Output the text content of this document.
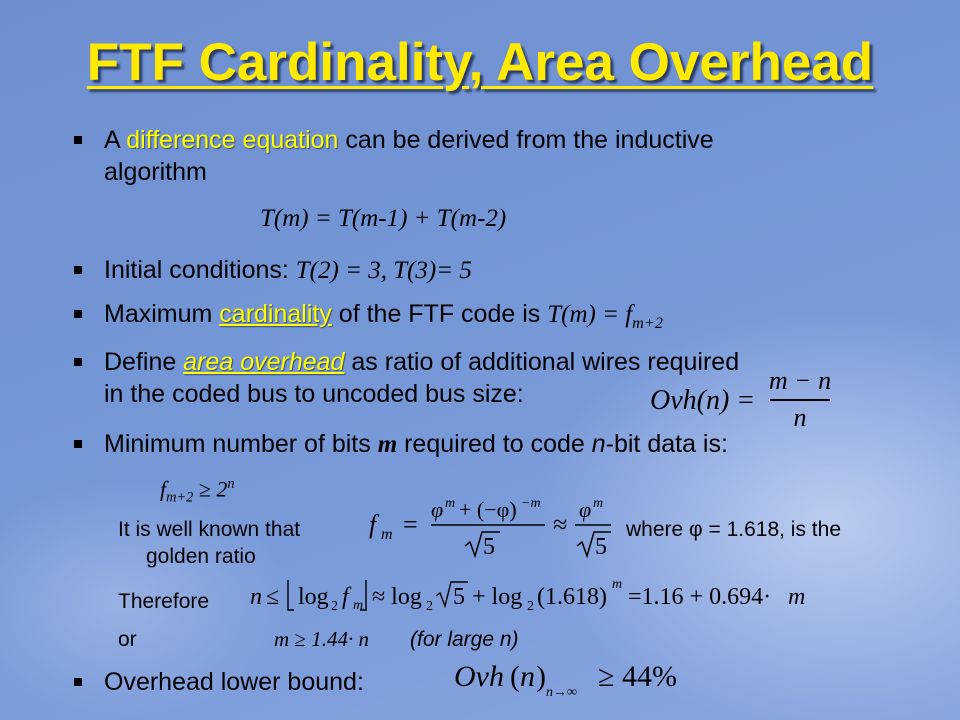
FTF Cardinality, Area Overhead
A difference equation can be derived from the inductive
algorithm
T(m) = T(m-1) + T(m-2)
Initial conditions: T(2) = 3, T(3)= 5
Maximum cardinality of the FTF code is $T(m) = f_{m+2}$
Define area overhead as ratio of additional wires required
in the coded bus to uncoded bus size:	Ovh(n) =
m − n
n
Minimum number of bits m required to code n-bit data is:
$f_{m+2} \ge 2^n$
It is well known that	where φ = 1.618, is the
golden ratio
f m =
φ m + (−φ) −m
5
≈
φ m
5
Therefore n ≤ log 2 f m ≈ log 2 5 + log 2 (1.618) m =1.16 + 0.694· m
or	m ≥ 1.44· n (for large n)
Overhead lower bound:	Ovh ( n ) n→∞ ≥ 44%
